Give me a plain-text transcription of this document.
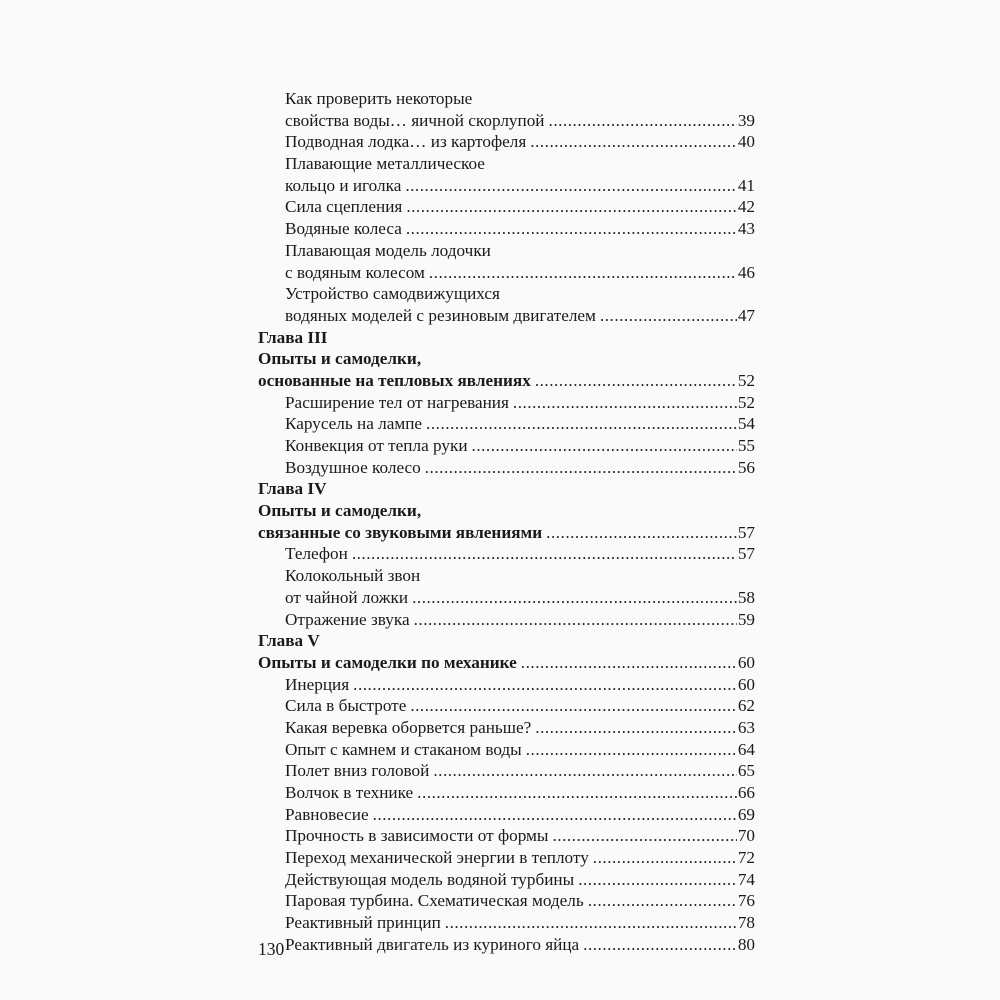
Как проверить некоторые
свойства воды… яичной скорлупой .....	39
Подводная лодка… из картофеля .....	40
Плавающие металлическое
кольцо и иголка .....	41
Сила сцепления .....	42
Водяные колеса .....	43
Плавающая модель лодочки
с водяным колесом .....	46
Устройство самодвижущихся
водяных моделей с резиновым двигателем .....	47
Глава III
Опыты и самоделки,
основанные на тепловых явлениях .....	52
Расширение тел от нагревания .....	52
Карусель на лампе .....	54
Конвекция от тепла руки .....	55
Воздушное колесо .....	56
Глава IV
Опыты и самоделки,
связанные со звуковыми явлениями .....	57
Телефон .....	57
Колокольный звон
от чайной ложки .....	58
Отражение звука .....	59
Глава V
Опыты и самоделки по механике .....	60
Инерция .....	60
Сила в быстроте .....	62
Какая веревка оборвется раньше? .....	63
Опыт с камнем и стаканом воды .....	64
Полет вниз головой .....	65
Волчок в технике .....	66
Равновесие .....	69
Прочность в зависимости от формы .....	70
Переход механической энергии в теплоту .....	72
Действующая модель водяной турбины .....	74
Паровая турбина. Схематическая модель .....	76
Реактивный принцип .....	78
Реактивный двигатель из куриного яйца .....	80
130
